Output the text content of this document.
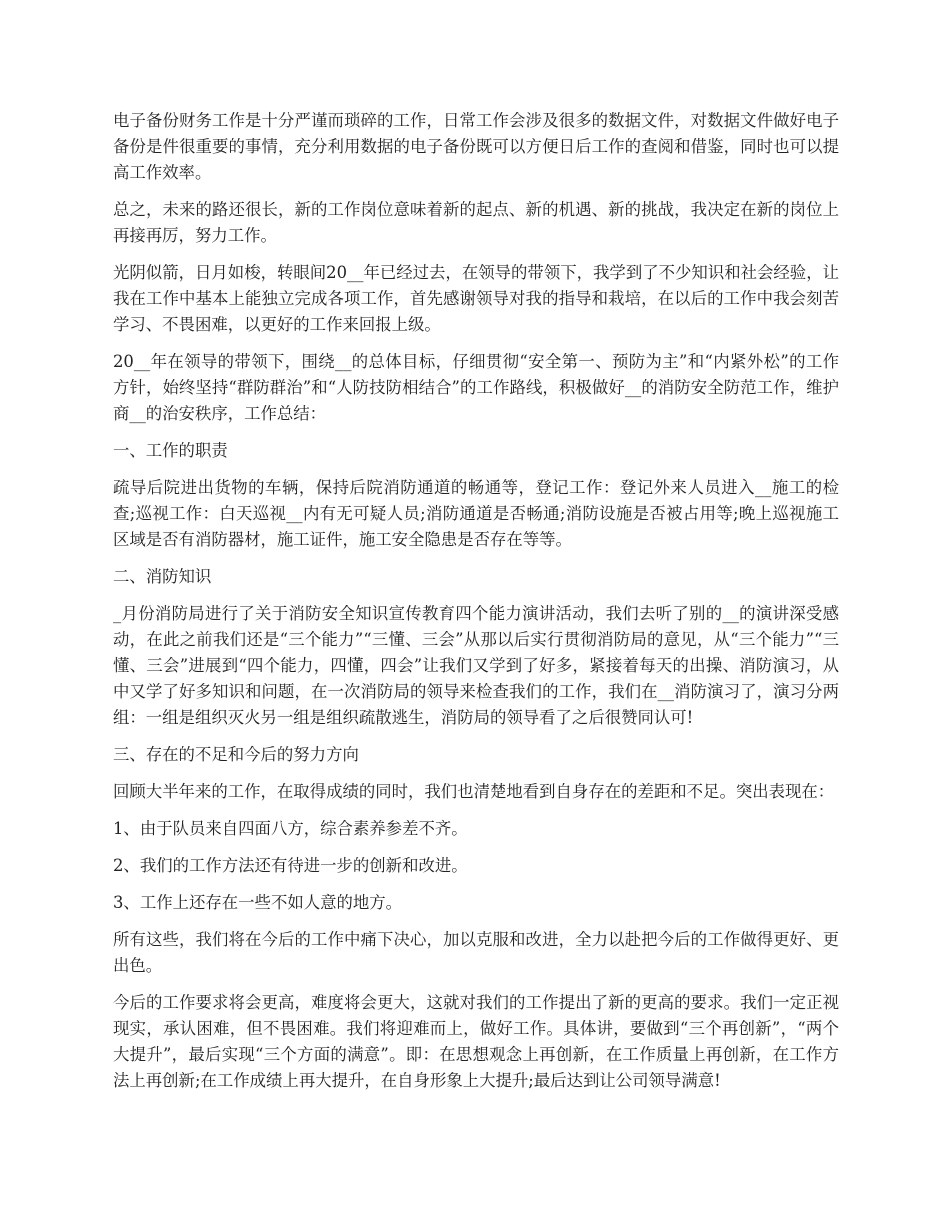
电子备份财务工作是十分严谨而琐碎的工作，日常工作会涉及很多的数据文件，对数据文件做好电子备份是件很重要的事情，充分利用数据的电子备份既可以方便日后工作的查阅和借鉴，同时也可以提高工作效率。

总之，未来的路还很长，新的工作岗位意味着新的起点、新的机遇、新的挑战，我决定在新的岗位上再接再厉，努力工作。

光阴似箭，日月如梭，转眼间20__年已经过去，在领导的带领下，我学到了不少知识和社会经验，让我在工作中基本上能独立完成各项工作，首先感谢领导对我的指导和栽培，在以后的工作中我会刻苦学习、不畏困难，以更好的工作来回报上级。

20__年在领导的带领下，围绕__的总体目标，仔细贯彻“安全第一、预防为主”和“内紧外松”的工作方针，始终坚持“群防群治”和“人防技防相结合”的工作路线，积极做好__的消防安全防范工作，维护商__的治安秩序，工作总结：

一、工作的职责

疏导后院进出货物的车辆，保持后院消防通道的畅通等，登记工作：登记外来人员进入__施工的检查;巡视工作：白天巡视__内有无可疑人员;消防通道是否畅通;消防设施是否被占用等;晚上巡视施工区域是否有消防器材，施工证件，施工安全隐患是否存在等等。

二、消防知识

_月份消防局进行了关于消防安全知识宣传教育四个能力演讲活动，我们去听了别的__的演讲深受感动，在此之前我们还是“三个能力”“三懂、三会”从那以后实行贯彻消防局的意见，从“三个能力”“三懂、三会”进展到“四个能力，四懂，四会”让我们又学到了好多，紧接着每天的出操、消防演习，从中又学了好多知识和问题，在一次消防局的领导来检查我们的工作，我们在__消防演习了，演习分两组：一组是组织灭火另一组是组织疏散逃生，消防局的领导看了之后很赞同认可!

三、存在的不足和今后的努力方向

回顾大半年来的工作，在取得成绩的同时，我们也清楚地看到自身存在的差距和不足。突出表现在：

1、由于队员来自四面八方，综合素养参差不齐。

2、我们的工作方法还有待进一步的创新和改进。

3、工作上还存在一些不如人意的地方。

所有这些，我们将在今后的工作中痛下决心，加以克服和改进，全力以赴把今后的工作做得更好、更出色。

今后的工作要求将会更高，难度将会更大，这就对我们的工作提出了新的更高的要求。我们一定正视现实，承认困难，但不畏困难。我们将迎难而上，做好工作。具体讲，要做到“三个再创新”，“两个大提升”，最后实现“三个方面的满意”。即：在思想观念上再创新，在工作质量上再创新，在工作方法上再创新;在工作成绩上再大提升，在自身形象上大提升;最后达到让公司领导满意!
